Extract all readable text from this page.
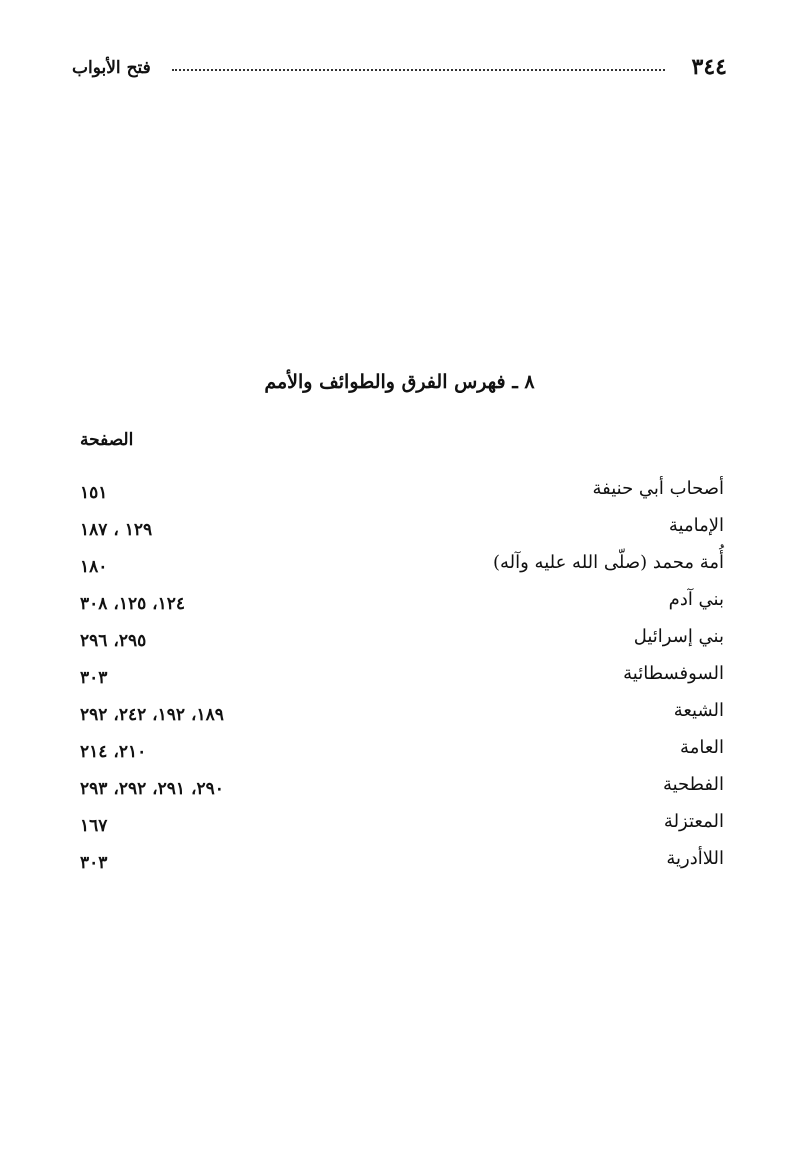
٣٤٤
فتح الأبواب
٨ ـ فهرس الفرق والطوائف والأمم
الصفحة
أصحاب أبي حنيفة
١٥١
الإمامية
١٢٩ ، ١٨٧
أُمة محمد (صلّى الله عليه وآله)
١٨٠
بني آدم
١٢٤، ١٢٥، ٣٠٨
بني إسرائيل
٢٩٥، ٢٩٦
السوفسطائية
٣٠٣
الشيعة
١٨٩، ١٩٢، ٢٤٢، ٢٩٢
العامة
٢١٠، ٢١٤
الفطحية
٢٩٠، ٢٩١، ٢٩٢، ٢٩٣
المعتزلة
١٦٧
اللاأدرية
٣٠٣
